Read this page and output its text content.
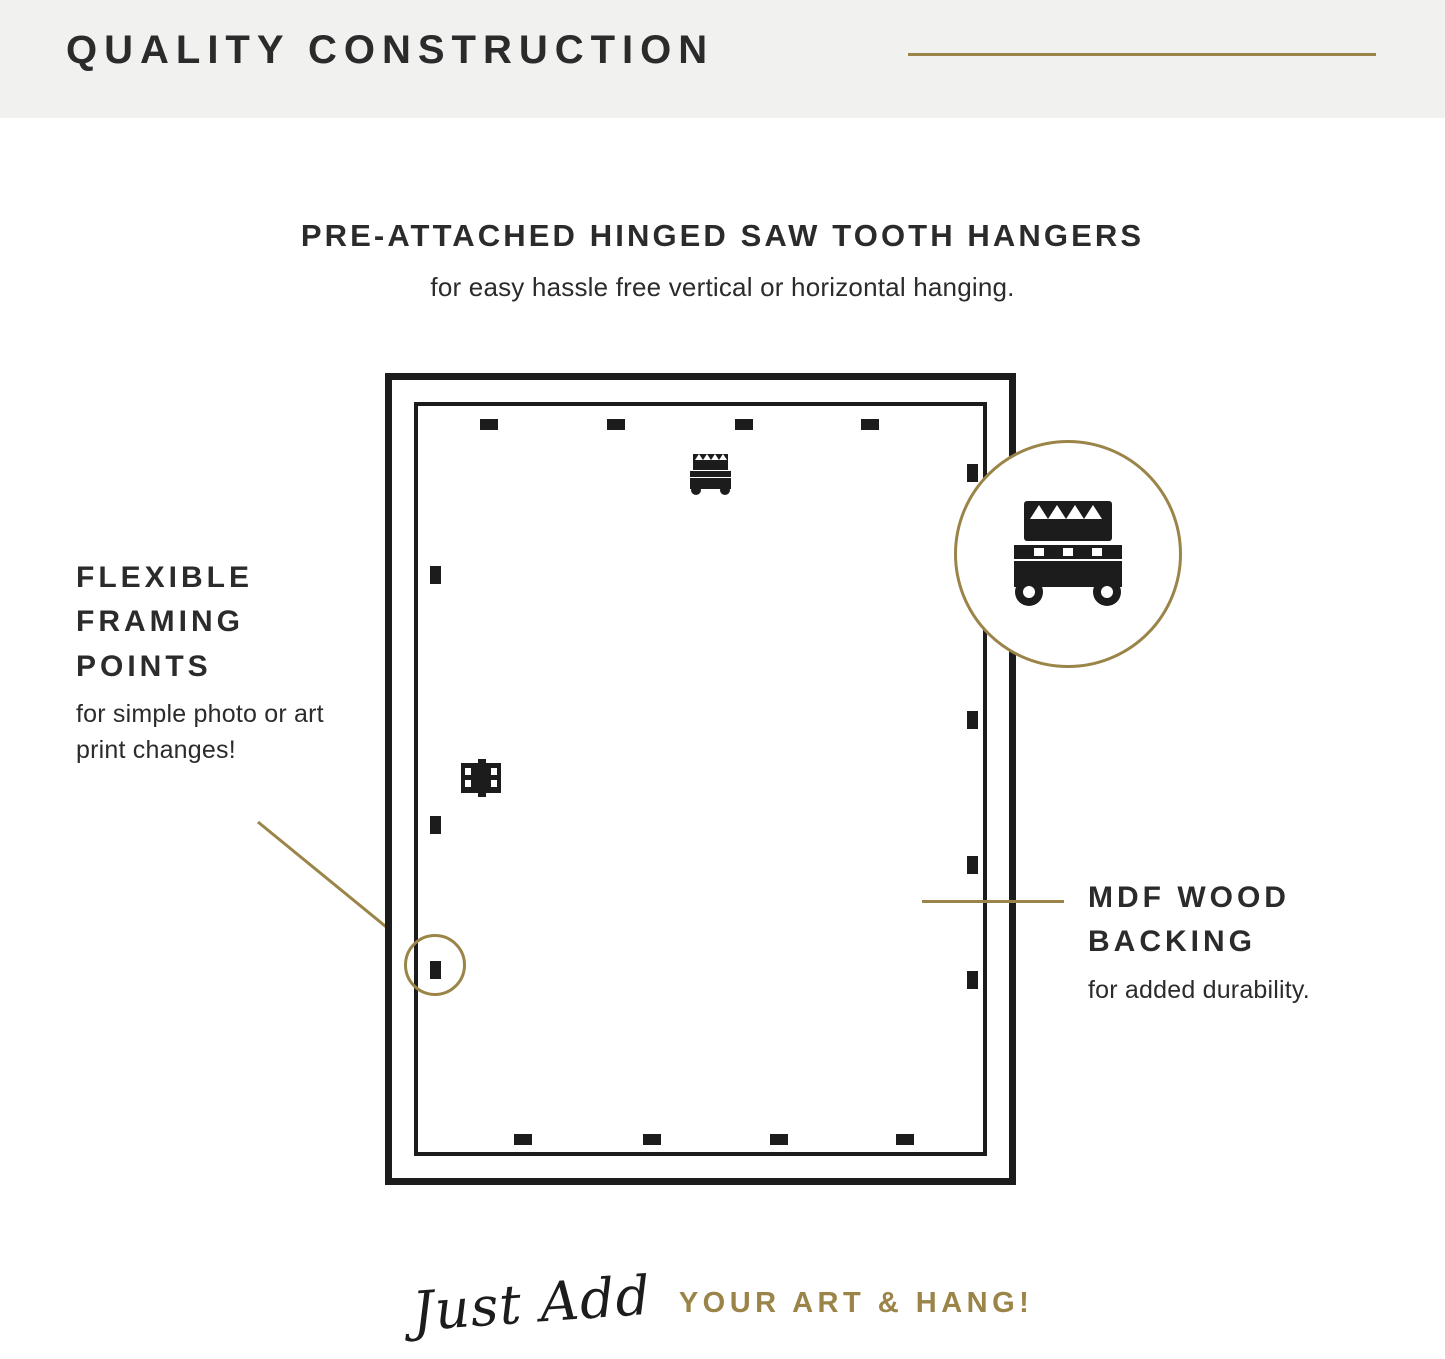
QUALITY CONSTRUCTION
PRE-ATTACHED HINGED SAW TOOTH HANGERS
for easy hassle free vertical or horizontal hanging.
FLEXIBLE FRAMING POINTS
for simple photo or art print changes!
MDF WOOD BACKING
for added durability.
Just Add YOUR ART & HANG!
